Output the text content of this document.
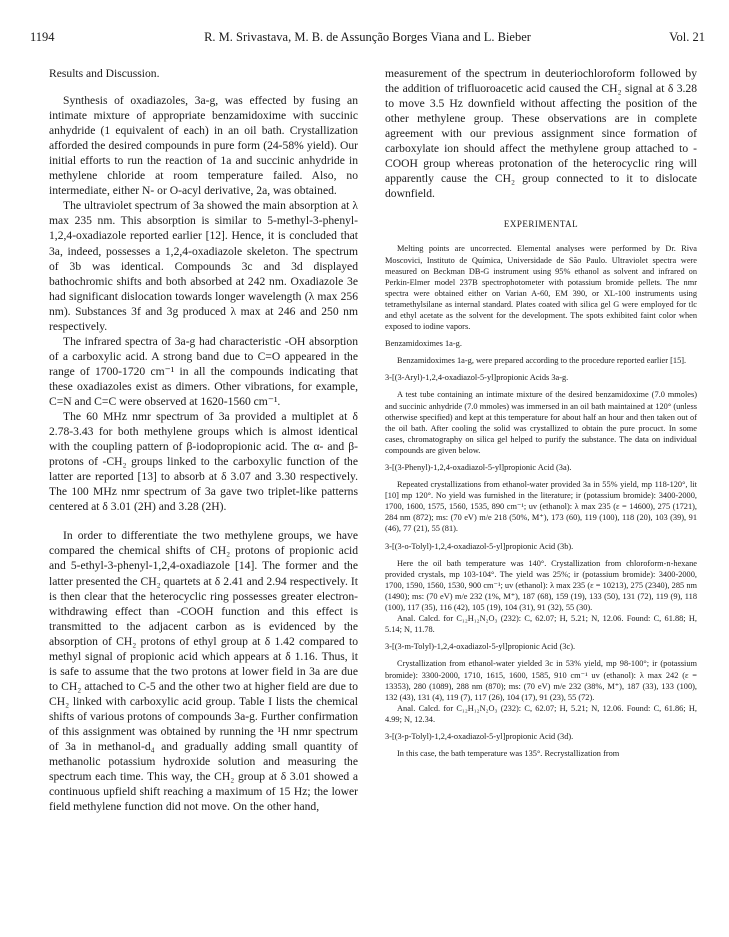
1194	R. M. Srivastava, M. B. de Assunção Borges Viana and L. Bieber	Vol. 21

Results and Discussion.

Synthesis of oxadiazoles, 3a-g, was effected by fusing an intimate mixture of appropriate benzamidoxime with succinic anhydride (1 equivalent of each) in an oil bath. Crystallization afforded the desired compounds in pure form (24-58% yield). Our initial efforts to run the reaction of 1a and succinic anhydride in methylene chloride at room temperature failed. Also, no intermediate, either N- or O-acyl derivative, 2a, was obtained.

The ultraviolet spectrum of 3a showed the main absorption at λ max 235 nm. This absorption is similar to 5-methyl-3-phenyl-1,2,4-oxadiazole reported earlier [12]. Hence, it is concluded that 3a, indeed, possesses a 1,2,4-oxadiazole skeleton. The spectrum of 3b was identical. Compounds 3c and 3d displayed bathochromic shifts and both absorbed at 242 nm. Oxadiazole 3e had significant dislocation towards longer wavelength (λ max 256 nm). Substances 3f and 3g produced λ max at 246 and 250 nm respectively.

The infrared spectra of 3a-g had characteristic -OH absorption of a carboxylic acid. A strong band due to C=O appeared in the range of 1700-1720 cm⁻¹ in all the compounds indicating that these oxadiazoles exist as dimers. Other vibrations, for example, C=N and C=C were observed at 1620-1560 cm⁻¹.

The 60 MHz nmr spectrum of 3a provided a multiplet at δ 2.78-3.43 for both methylene groups which is almost identical with the coupling pattern of β-iodopropionic acid. The α- and β-protons of -CH₂ groups linked to the carboxylic function of the latter are reported [13] to absorb at δ 3.07 and 3.30 respectively. The 100 MHz nmr spectrum of 3a gave two triplet-like patterns centered at δ 3.01 (2H) and 3.28 (2H).

In order to differentiate the two methylene groups, we have compared the chemical shifts of CH₂ protons of propionic acid and 5-ethyl-3-phenyl-1,2,4-oxadiazole [14]. The former and the latter presented the CH₂ quartets at δ 2.41 and 2.94 respectively. It is then clear that the heterocyclic ring possesses greater electron-withdrawing effect than -COOH function and this effect is transmitted to the adjacent carbon as is evidenced by the absorption of CH₂ protons of ethyl group at δ 1.42 compared to methyl signal of propionic acid which appears at δ 1.16. Thus, it is safe to assume that the two protons at lower field in 3a are due to CH₂ attached to C-5 and the other two at higher field are due to CH₂ linked with carboxylic acid group. Table I lists the chemical shifts of various protons of compounds 3a-g. Further confirmation of this assignment was obtained by running the ¹H nmr spectrum of 3a in methanol-d₄ and gradually adding small quantity of methanolic potassium hydroxide solution and measuring the spectrum each time. This way, the CH₂ group at δ 3.01 showed a continuous upfield shift reaching a maximum of 15 Hz; the lower field methylene function did not move. On the other hand,

measurement of the spectrum in deuteriochloroform followed by the addition of trifluoroacetic acid caused the CH₂ signal at δ 3.28 to move 3.5 Hz downfield without affecting the position of the other methylene group. These observations are in complete agreement with our previous assignment since formation of carboxylate ion should affect the methylene group attached to -COOH group whereas protonation of the heterocyclic ring will apparently cause the CH₂ group connected to it to dislocate downfield.

EXPERIMENTAL

Melting points are uncorrected. Elemental analyses were performed by Dr. Riva Moscovici, Instituto de Química, Universidade de São Paulo. Ultraviolet spectra were measured on Beckman DB-G instrument using 95% ethanol as solvent and infrared on Perkin-Elmer model 237B spectrophotometer with potassium bromide pellets. The nmr spectra were obtained either on Varian A-60, EM 390, or XL-100 instruments using tetramethylsilane as internal standard. Plates coated with silica gel G were employed for tlc and ethyl acetate as the solvent for the development. The spots exhibited faint color when exposed to iodine vapors.

Benzamidoximes 1a-g.

Benzamidoximes 1a-g, were prepared according to the procedure reported earlier [15].

3-[(3-Aryl)-1,2,4-oxadiazol-5-yl]propionic Acids 3a-g.

A test tube containing an intimate mixture of the desired benzamidoxime (7.0 mmoles) and succinic anhydride (7.0 mmoles) was immersed in an oil bath maintained at 120° (unless otherwise specified) and kept at this temperature for about half an hour and then taken out of the oil bath. After cooling the solid was crystallized to obtain the pure procuct. In some cases, chromatography on silica gel helped to purify the substance. The data on individual compounds are given below.

3-[(3-Phenyl)-1,2,4-oxadiazol-5-yl]propionic Acid (3a).

Repeated crystallizations from ethanol-water provided 3a in 55% yield, mp 118-120°, lit [10] mp 120°. No yield was furnished in the literature; ir (potassium bromide): 3400-2000, 1700, 1600, 1575, 1560, 1535, 890 cm⁻¹; uv (ethanol): λ max 235 (ε = 14600), 275 (1721), 284 nm (872); ms: (70 eV) m/e 218 (50%, M⁺), 173 (60), 119 (100), 118 (20), 103 (39), 91 (46), 77 (21), 55 (81).

3-[(3-o-Tolyl)-1,2,4-oxadiazol-5-yl]propionic Acid (3b).

Here the oil bath temperature was 140°. Crystallization from chloroform-n-hexane provided crystals, mp 103-104°. The yield was 25%; ir (potassium bromide): 3400-2000, 1700, 1590, 1560, 1530, 900 cm⁻¹; uv (ethanol): λ max 235 (ε = 10213), 275 (2340), 285 nm (1490); ms: (70 eV) m/e 232 (1%, M⁺), 187 (68), 159 (19), 133 (50), 131 (72), 119 (9), 118 (100), 117 (35), 116 (42), 105 (19), 104 (31), 91 (32), 55 (30).

Anal. Calcd. for C₁₂H₁₂N₂O₃ (232): C, 62.07; H, 5.21; N, 12.06. Found: C, 61.88; H, 5.14; N, 11.78.

3-[(3-m-Tolyl)-1,2,4-oxadiazol-5-yl]propionic Acid (3c).

Crystallization from ethanol-water yielded 3c in 53% yield, mp 98-100°; ir (potassium bromide): 3300-2000, 1710, 1615, 1600, 1585, 910 cm⁻¹ uv (ethanol): λ max 242 (ε = 13353), 280 (1089), 288 nm (870); ms: (70 eV) m/e 232 (38%, M⁺), 187 (33), 133 (100), 132 (43), 131 (4), 119 (7), 117 (26), 104 (17), 91 (23), 55 (72).

Anal. Calcd. for C₁₂H₁₂N₂O₃ (232): C, 62.07; H, 5.21; N, 12.06. Found: C, 61.86; H, 4.99; N, 12.34.

3-[(3-p-Tolyl)-1,2,4-oxadiazol-5-yl]propionic Acid (3d).

In this case, the bath temperature was 135°. Recrystallization from
